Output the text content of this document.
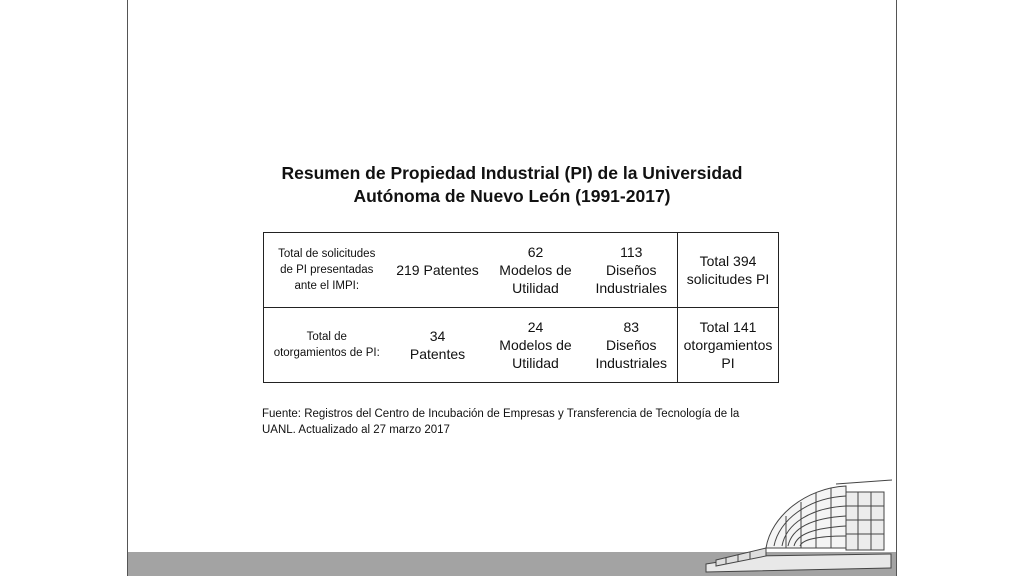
Resumen de Propiedad Industrial (PI) de la Universidad
Autónoma de Nuevo León (1991-2017)
Total de solicitudes
de PI presentadas
ante el IMPI:	219 Patentes	62
Modelos de
Utilidad	113
Diseños
Industriales	Total 394
solicitudes PI

Total de
otorgamientos de PI:	34
Patentes	24
Modelos de
Utilidad	83
Diseños
Industriales	Total 141
otorgamientos
PI
Fuente: Registros del Centro de Incubación de Empresas y Transferencia de Tecnología de la
UANL. Actualizado al 27 marzo 2017
